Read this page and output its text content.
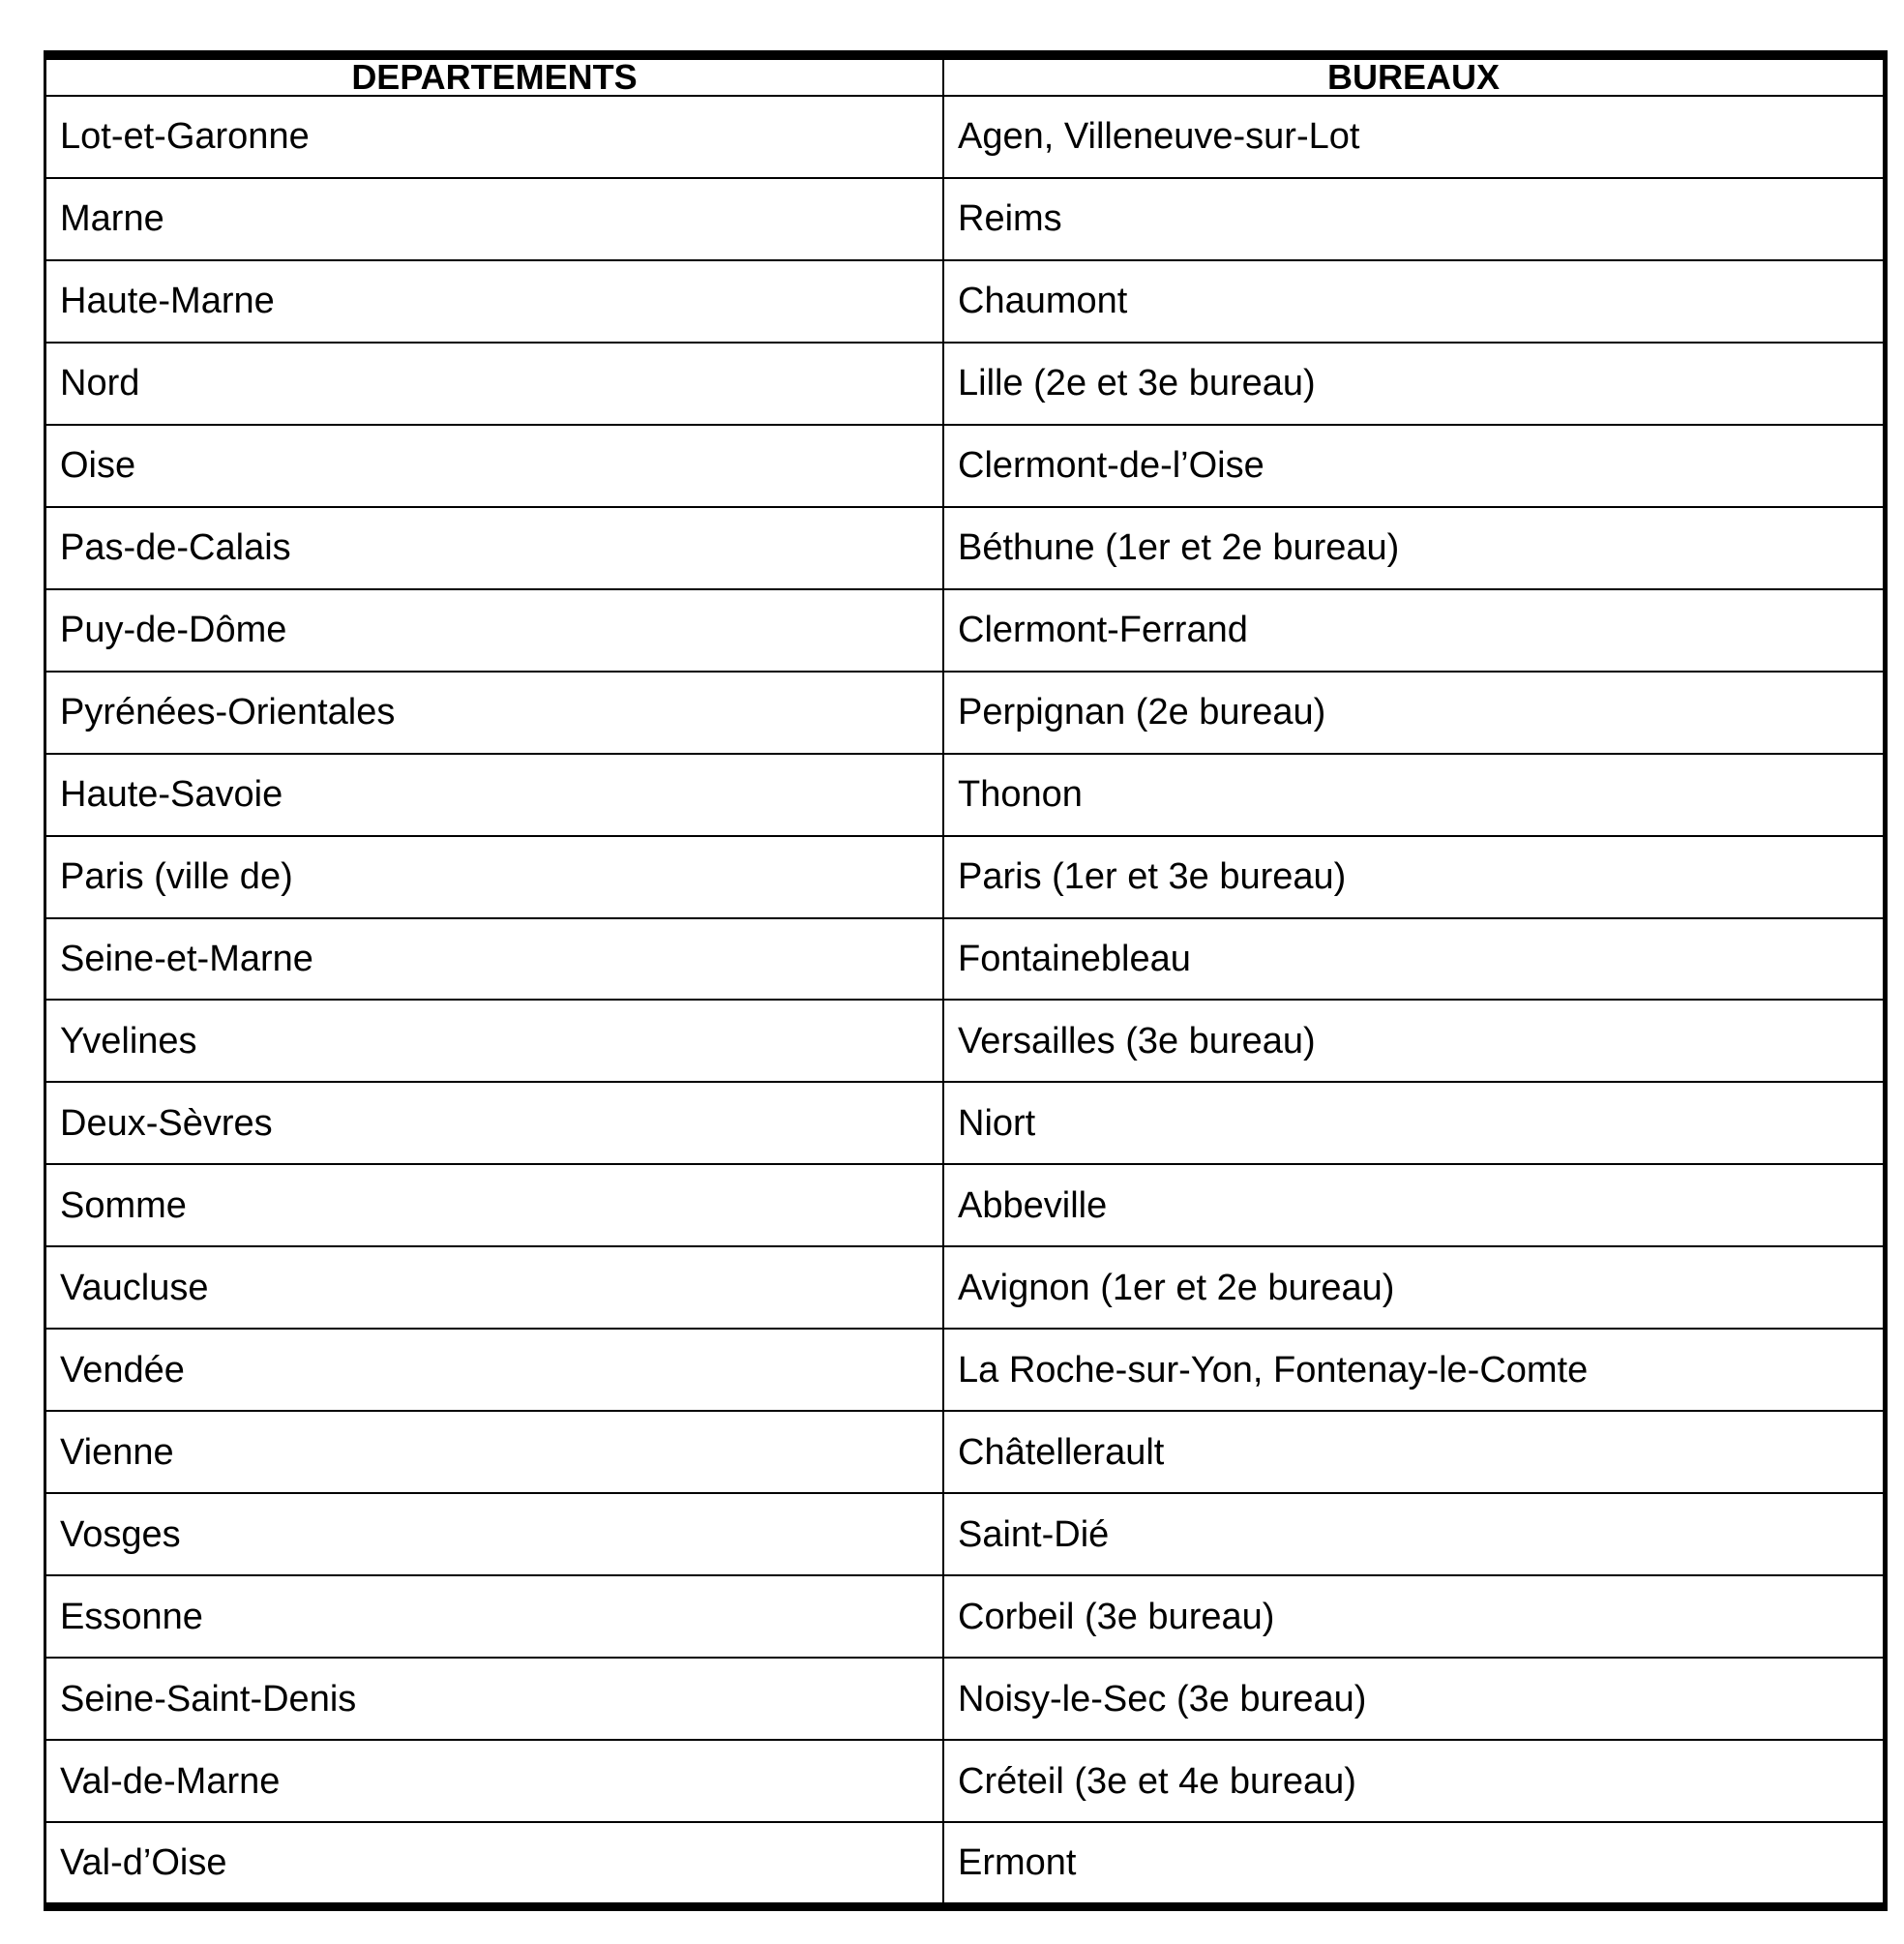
DEPARTEMENTS	BUREAUX
Lot-et-Garonne	Agen, Villeneuve-sur-Lot
Marne	Reims
Haute-Marne	Chaumont
Nord	Lille (2e et 3e bureau)
Oise	Clermont-de-l’Oise
Pas-de-Calais	Béthune (1er et 2e bureau)
Puy-de-Dôme	Clermont-Ferrand
Pyrénées-Orientales	Perpignan (2e bureau)
Haute-Savoie	Thonon
Paris (ville de)	Paris (1er et 3e bureau)
Seine-et-Marne	Fontainebleau
Yvelines	Versailles (3e bureau)
Deux-Sèvres	Niort
Somme	Abbeville
Vaucluse	Avignon (1er et 2e bureau)
Vendée	La Roche-sur-Yon, Fontenay-le-Comte
Vienne	Châtellerault
Vosges	Saint-Dié
Essonne	Corbeil (3e bureau)
Seine-Saint-Denis	Noisy-le-Sec (3e bureau)
Val-de-Marne	Créteil (3e et 4e bureau)
Val-d’Oise	Ermont
